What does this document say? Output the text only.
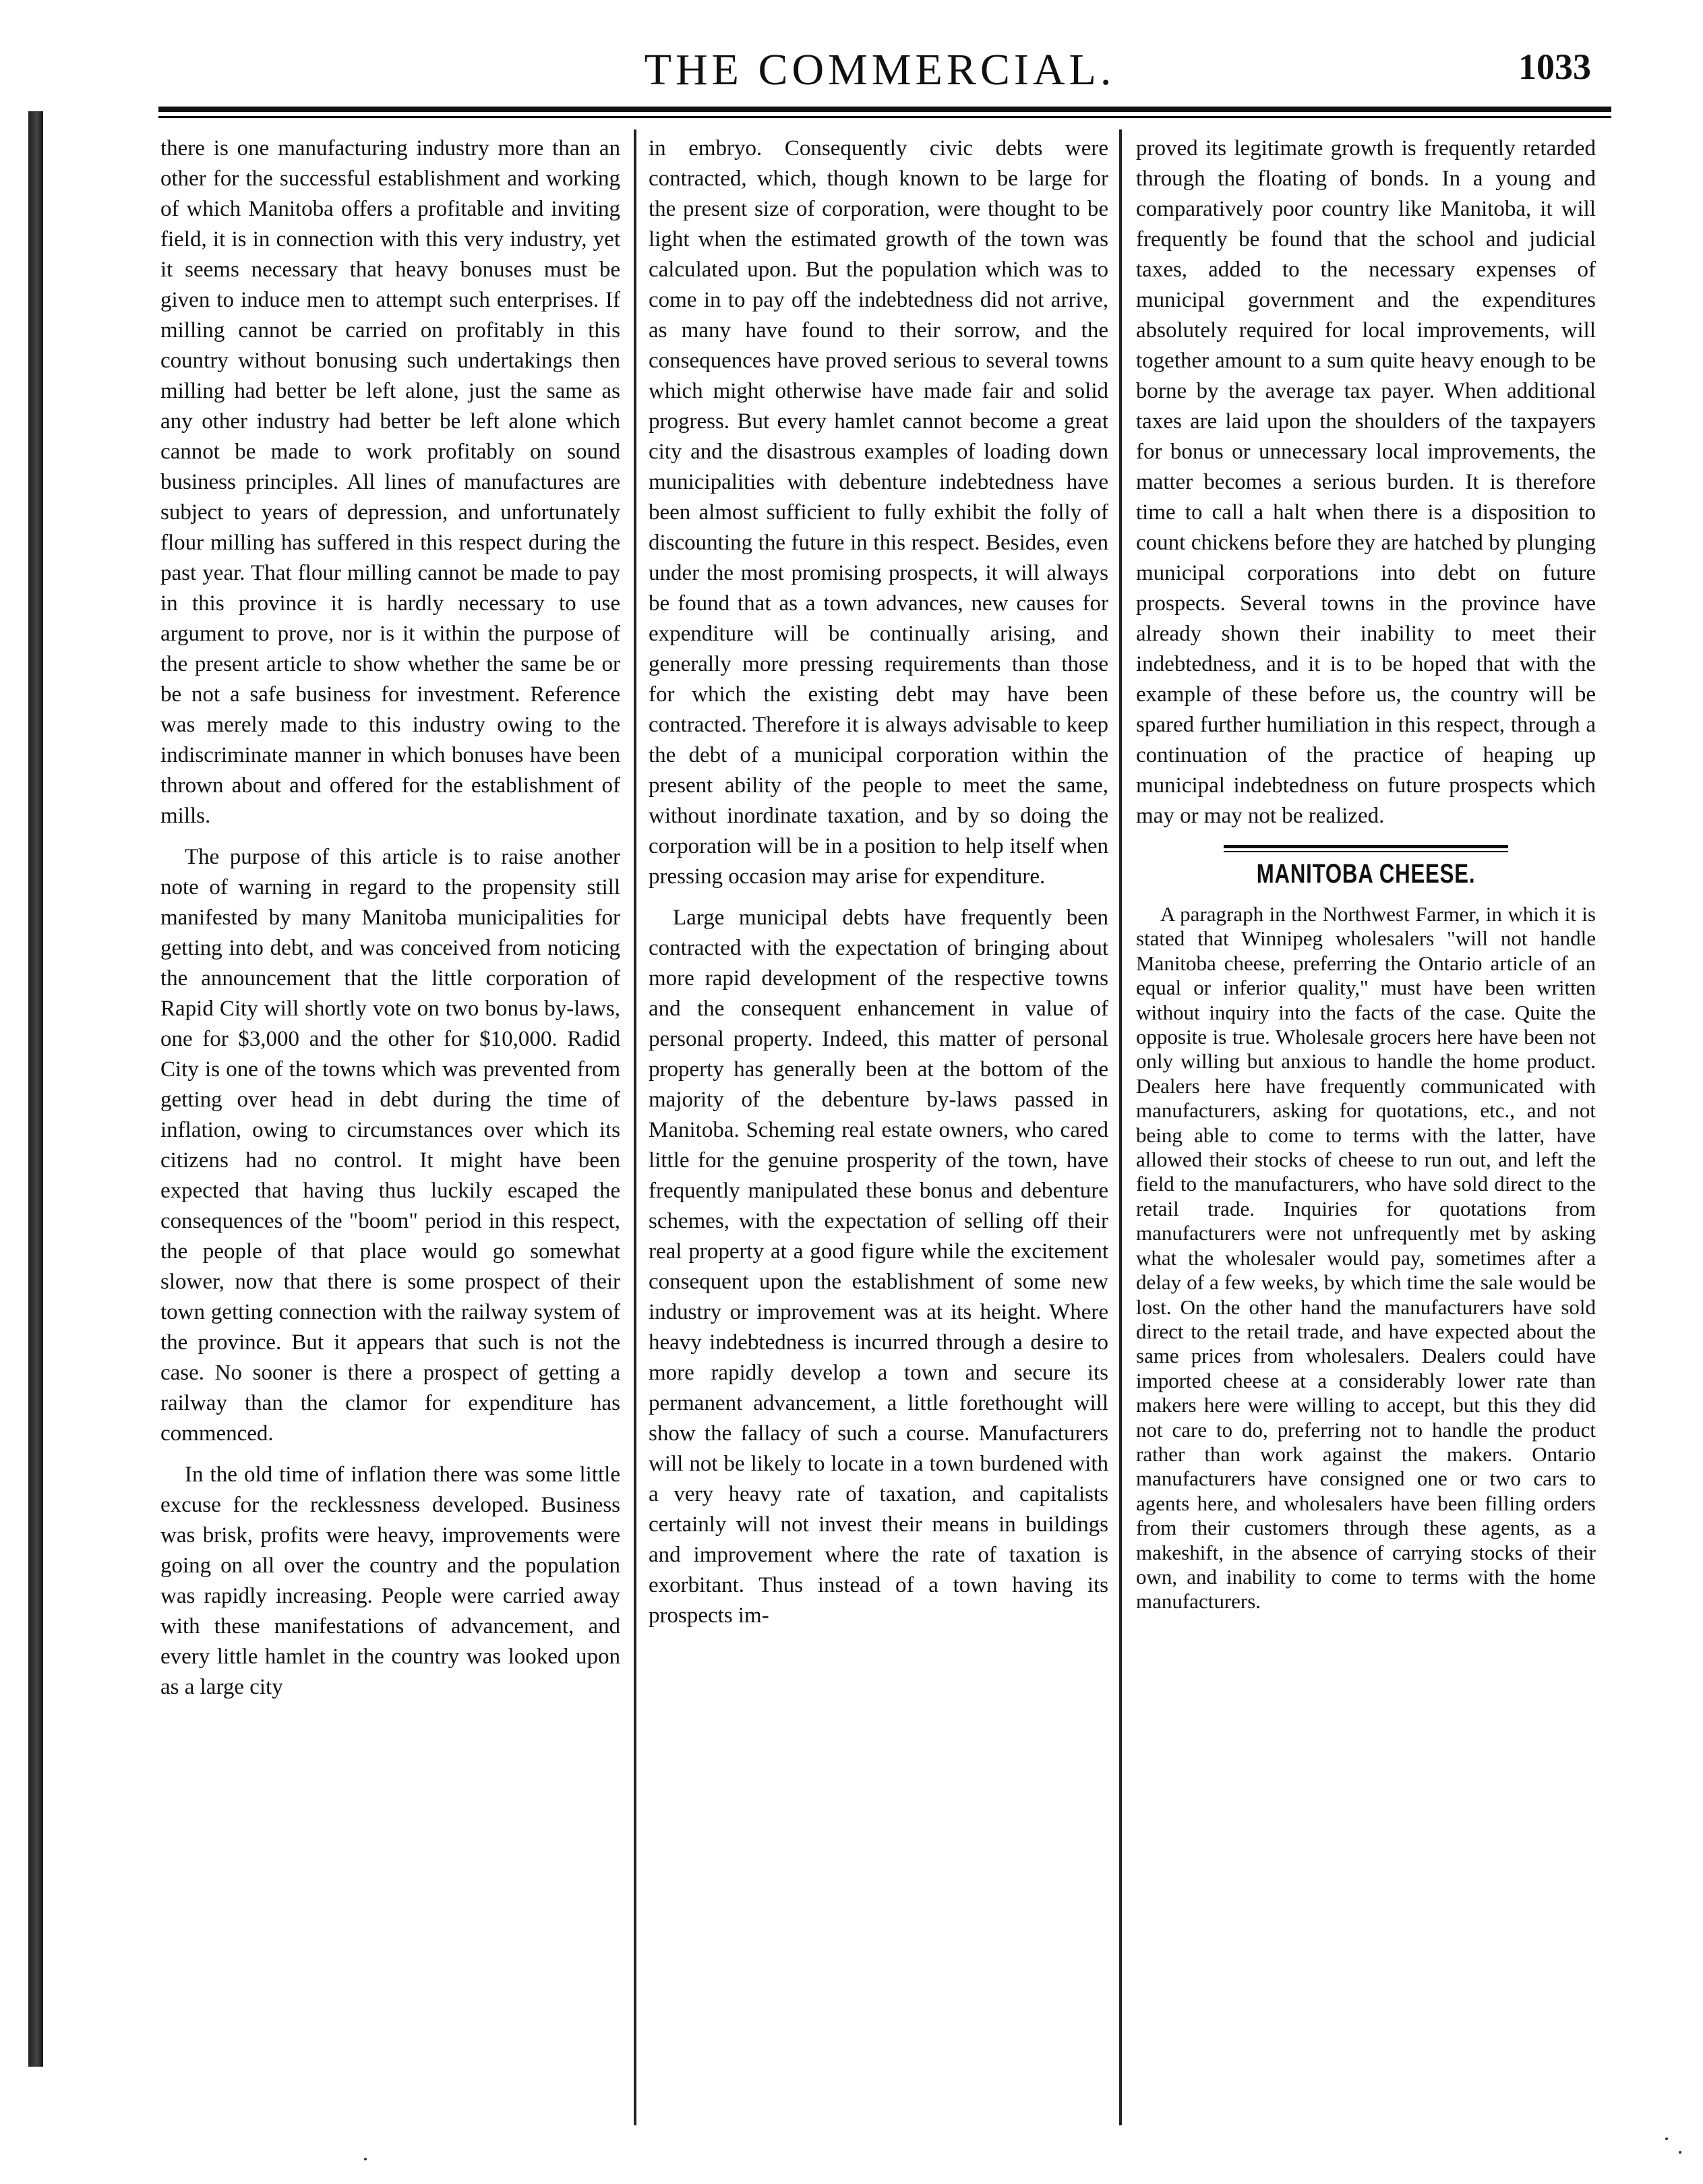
THE COMMERCIAL.	1033

there is one manufacturing industry more than an other for the successful establishment and working of which Manitoba offers a profitable and inviting field, it is in connection with this very industry, yet it seems necessary that heavy bonuses must be given to induce men to attempt such enterprises. If milling cannot be carried on profitably in this country without bonusing such undertakings then milling had better be left alone, just the same as any other industry had better be left alone which cannot be made to work profitably on sound business principles. All lines of manufactures are subject to years of depression, and unfortunately flour milling has suffered in this respect during the past year. That flour milling cannot be made to pay in this province it is hardly necessary to use argument to prove, nor is it within the purpose of the present article to show whether the same be or be not a safe business for investment. Reference was merely made to this industry owing to the indiscriminate manner in which bonuses have been thrown about and offered for the establishment of mills.

The purpose of this article is to raise another note of warning in regard to the propensity still manifested by many Manitoba municipalities for getting into debt, and was conceived from noticing the announcement that the little corporation of Rapid City will shortly vote on two bonus by-laws, one for $3,000 and the other for $10,000. Radid City is one of the towns which was prevented from getting over head in debt during the time of inflation, owing to circumstances over which its citizens had no control. It might have been expected that having thus luckily escaped the consequences of the "boom" period in this respect, the people of that place would go somewhat slower, now that there is some prospect of their town getting connection with the railway system of the province. But it appears that such is not the case. No sooner is there a prospect of getting a railway than the clamor for expenditure has commenced.

In the old time of inflation there was some little excuse for the recklessness developed. Business was brisk, profits were heavy, improvements were going on all over the country and the population was rapidly increasing. People were carried away with these manifestations of advancement, and every little hamlet in the country was looked upon as a large city

in embryo. Consequently civic debts were contracted, which, though known to be large for the present size of corporation, were thought to be light when the estimated growth of the town was calculated upon. But the population which was to come in to pay off the indebtedness did not arrive, as many have found to their sorrow, and the consequences have proved serious to several towns which might otherwise have made fair and solid progress. But every hamlet cannot become a great city and the disastrous examples of loading down municipalities with debenture indebtedness have been almost sufficient to fully exhibit the folly of discounting the future in this respect. Besides, even under the most promising prospects, it will always be found that as a town advances, new causes for expenditure will be continually arising, and generally more pressing requirements than those for which the existing debt may have been contracted. Therefore it is always advisable to keep the debt of a municipal corporation within the present ability of the people to meet the same, without inordinate taxation, and by so doing the corporation will be in a position to help itself when pressing occasion may arise for expenditure.

Large municipal debts have frequently been contracted with the expectation of bringing about more rapid development of the respective towns and the consequent enhancement in value of personal property. Indeed, this matter of personal property has generally been at the bottom of the majority of the debenture by-laws passed in Manitoba. Scheming real estate owners, who cared little for the genuine prosperity of the town, have frequently manipulated these bonus and debenture schemes, with the expectation of selling off their real property at a good figure while the excitement consequent upon the establishment of some new industry or improvement was at its height. Where heavy indebtedness is incurred through a desire to more rapidly develop a town and secure its permanent advancement, a little forethought will show the fallacy of such a course. Manufacturers will not be likely to locate in a town burdened with a very heavy rate of taxation, and capitalists certainly will not invest their means in buildings and improvement where the rate of taxation is exorbitant. Thus instead of a town having its prospects im-

proved its legitimate growth is frequently retarded through the floating of bonds. In a young and comparatively poor country like Manitoba, it will frequently be found that the school and judicial taxes, added to the necessary expenses of municipal government and the expenditures absolutely required for local improvements, will together amount to a sum quite heavy enough to be borne by the average tax payer. When additional taxes are laid upon the shoulders of the taxpayers for bonus or unnecessary local improvements, the matter becomes a serious burden. It is therefore time to call a halt when there is a disposition to count chickens before they are hatched by plunging municipal corporations into debt on future prospects. Several towns in the province have already shown their inability to meet their indebtedness, and it is to be hoped that with the example of these before us, the country will be spared further humiliation in this respect, through a continuation of the practice of heaping up municipal indebtedness on future prospects which may or may not be realized.

MANITOBA CHEESE.

A paragraph in the Northwest Farmer, in which it is stated that Winnipeg wholesalers "will not handle Manitoba cheese, preferring the Ontario article of an equal or inferior quality," must have been written without inquiry into the facts of the case. Quite the opposite is true. Wholesale grocers here have been not only willing but anxious to handle the home product. Dealers here have frequently communicated with manufacturers, asking for quotations, etc., and not being able to come to terms with the latter, have allowed their stocks of cheese to run out, and left the field to the manufacturers, who have sold direct to the retail trade. Inquiries for quotations from manufacturers were not unfrequently met by asking what the wholesaler would pay, sometimes after a delay of a few weeks, by which time the sale would be lost. On the other hand the manufacturers have sold direct to the retail trade, and have expected about the same prices from wholesalers. Dealers could have imported cheese at a considerably lower rate than makers here were willing to accept, but this they did not care to do, preferring not to handle the product rather than work against the makers. Ontario manufacturers have consigned one or two cars to agents here, and wholesalers have been filling orders from their customers through these agents, as a makeshift, in the absence of carrying stocks of their own, and inability to come to terms with the home manufacturers.
